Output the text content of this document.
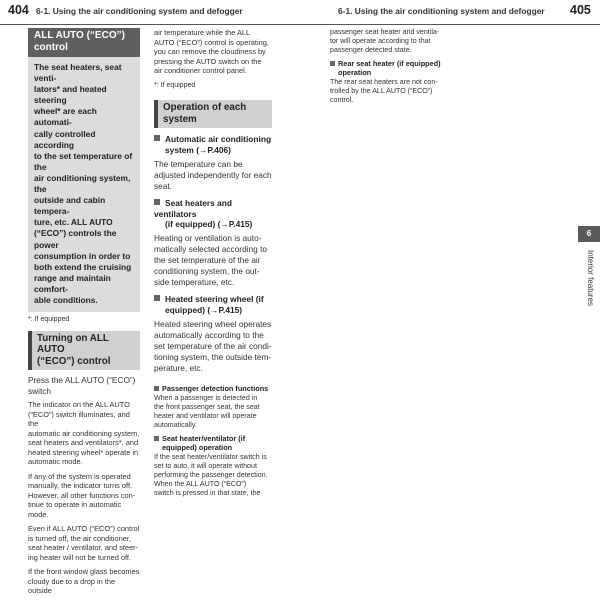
404 6-1. Using the air conditioning system and defogger	6-1. Using the air conditioning system and defogger 405
ALL AUTO (“ECO”)
control
The seat heaters, seat venti-
lators* and heated steering
wheel* are each automati-
cally controlled according
to the set temperature of the
air conditioning system, the
outside and cabin tempera-
ture, etc. ALL AUTO
(“ECO”) controls the power
consumption in order to
both extend the cruising
range and maintain comfort-
able conditions.
*: If equipped
Turning on ALL AUTO
(“ECO”) control
Press the ALL AUTO (“ECO”)
switch

The indicator on the ALL AUTO
(“ECO”) switch illuminates, and the
automatic air conditioning system,
seat heaters and ventilators*, and
heated steering wheel* operate in
automatic mode.

If any of the system is operated
manually, the indicator turns off.
However, all other functions con-
tinue to operate in automatic mode.

Even if ALL AUTO (“ECO”) control
is turned off, the air conditioner,
seat heater / ventilator, and steer-
ing heater will not be turned off.

If the front window glass becomes
cloudy due to a drop in the outside

air temperature while the ALL
AUTO (“ECO”) control is operating,
you can remove the cloudiness by
pressing the AUTO switch on the
air conditioner control panel.

*: If equipped
Operation of each system
Automatic air conditioning
system (→P.406)
The temperature can be
adjusted independently for each
seat.
Seat heaters and ventilators
(if equipped) (→P.415)
Heating or ventilation is auto-
matically selected according to
the set temperature of the air
conditioning system, the out-
side temperature, etc.
Heated steering wheel (if
equipped) (→P.415)
Heated steering wheel operates
automatically according to the
set temperature of the air condi-
tioning system, the outside tem-
perature, etc.
Passenger detection functions
When a passenger is detected in
the front passenger seat, the seat
heater and ventilator will operate
automatically.
Seat heater/ventilator (if
equipped) operation
If the seat heater/ventilator switch is
set to auto, it will operate without
performing the passenger detection.
When the ALL AUTO (“ECO”)
switch is pressed in that state, the
passenger seat heater and ventila-
tor will operate according to that
passenger detected state.
Rear seat heater (if equipped)
operation
The rear seat heaters are not con-
trolled by the ALL AUTO (“ECO”)
control.
6
Interior features
